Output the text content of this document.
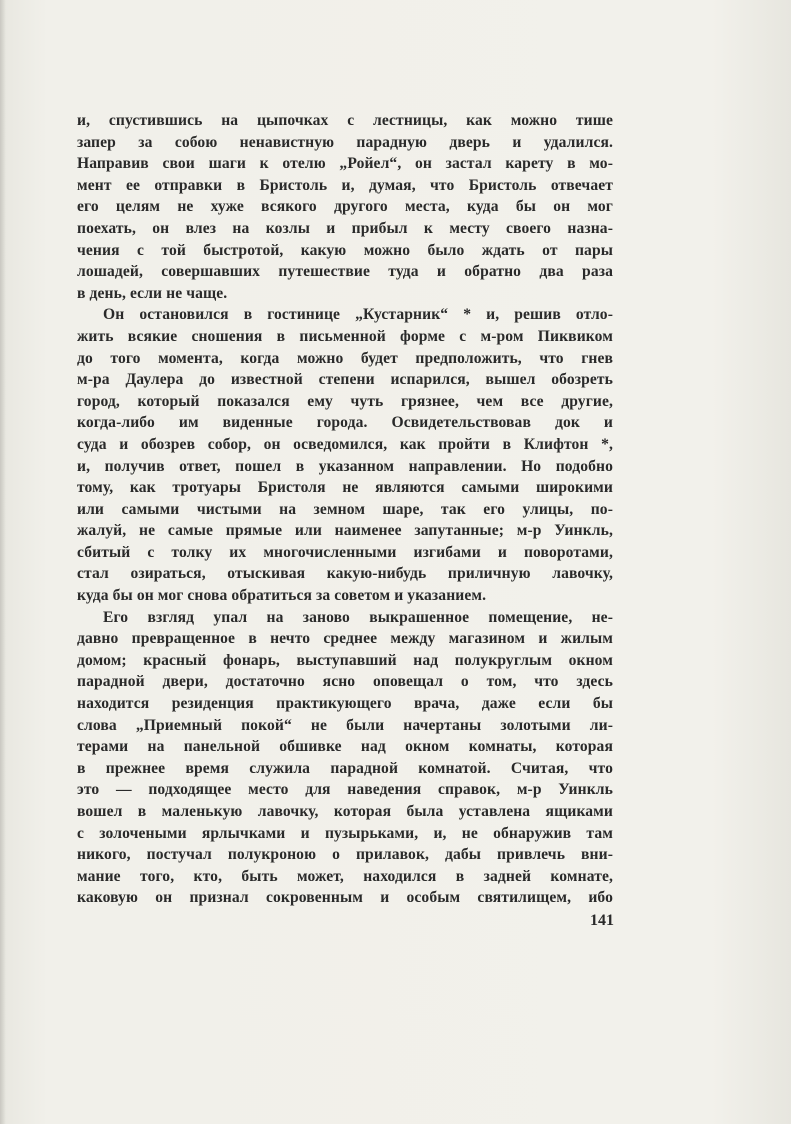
и, спустившись на цыпочках с лестницы, как можно тише
запер за собою ненавистную парадную дверь и удалился.
Направив свои шаги к отелю „Ройел“, он застал карету в мо-
мент ее отправки в Бристоль и, думая, что Бристоль отвечает
его целям не хуже всякого другого места, куда бы он мог
поехать, он влез на козлы и прибыл к месту своего назна-
чения с той быстротой, какую можно было ждать от пары
лошадей, совершавших путешествие туда и обратно два раза
в день, если не чаще.
Он остановился в гостинице „Кустарник“ * и, решив отло-
жить всякие сношения в письменной форме с м-ром Пиквиком
до того момента, когда можно будет предположить, что гнев
м-ра Даулера до известной степени испарился, вышел обозреть
город, который показался ему чуть грязнее, чем все другие,
когда-либо им виденные города. Освидетельствовав док и
суда и обозрев собор, он осведомился, как пройти в Клифтон *,
и, получив ответ, пошел в указанном направлении. Но подобно
тому, как тротуары Бристоля не являются самыми широкими
или самыми чистыми на земном шаре, так его улицы, по-
жалуй, не самые прямые или наименее запутанные; м-р Уинкль,
сбитый с толку их многочисленными изгибами и поворотами,
стал озираться, отыскивая какую-нибудь приличную лавочку,
куда бы он мог снова обратиться за советом и указанием.
Его взгляд упал на заново выкрашенное помещение, не-
давно превращенное в нечто среднее между магазином и жилым
домом; красный фонарь, выступавший над полукруглым окном
парадной двери, достаточно ясно оповещал о том, что здесь
находится резиденция практикующего врача, даже если бы
слова „Приемный покой“ не были начертаны золотыми ли-
терами на панельной обшивке над окном комнаты, которая
в прежнее время служила парадной комнатой. Считая, что
это — подходящее место для наведения справок, м-р Уинкль
вошел в маленькую лавочку, которая была уставлена ящиками
с золочеными ярлычками и пузырьками, и, не обнаружив там
никого, постучал полукроною о прилавок, дабы привлечь вни-
мание того, кто, быть может, находился в задней комнате,
каковую он признал сокровенным и особым святилищем, ибо
141
